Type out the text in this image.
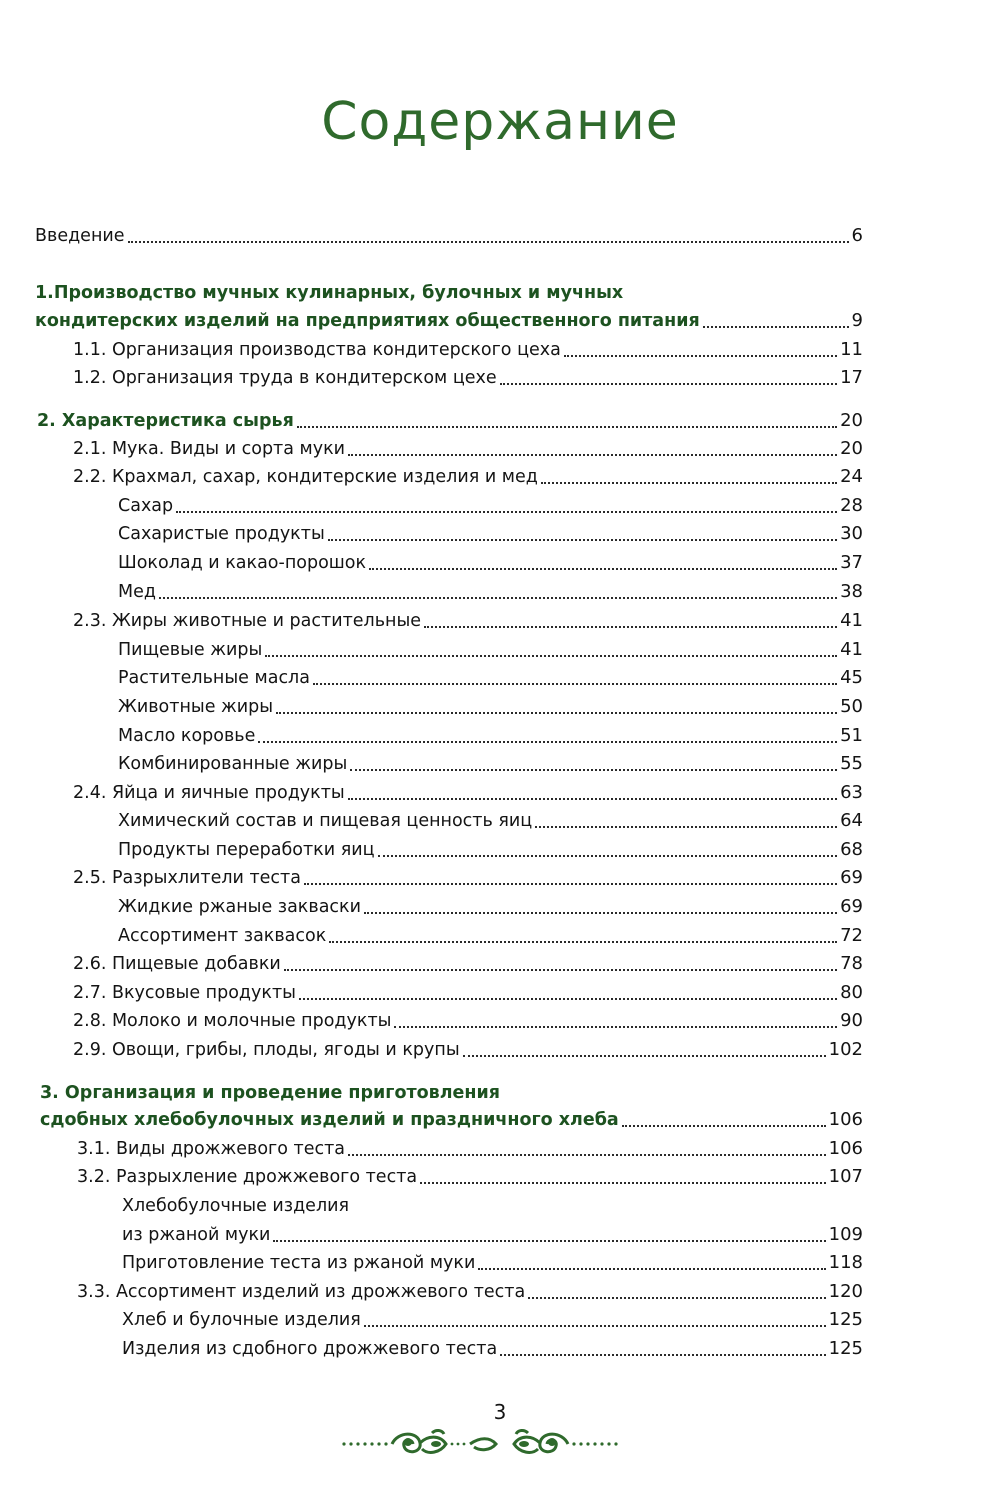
Содержание
Введение	6
1.Производство мучных кулинарных, булочных и мучных
кондитерских изделий на предприятиях общественного питания	9
1.1. Организация производства кондитерского цеха	11
1.2. Организация труда в кондитерском цехе	17
2. Характеристика сырья	20
2.1. Мука. Виды и сорта муки	20
2.2. Крахмал, сахар, кондитерские изделия и мед	24
Сахар	28
Сахаристые продукты	30
Шоколад и какао-порошок	37
Мед	38
2.3. Жиры животные и растительные	41
Пищевые жиры	41
Растительные масла	45
Животные жиры	50
Масло коровье	51
Комбинированные жиры	55
2.4. Яйца и яичные продукты	63
Химический состав и пищевая ценность яиц	64
Продукты переработки яиц	68
2.5. Разрыхлители теста	69
Жидкие ржаные закваски	69
Ассортимент заквасок	72
2.6. Пищевые добавки	78
2.7. Вкусовые продукты	80
2.8. Молоко и молочные продукты	90
2.9. Овощи, грибы, плоды, ягоды и крупы	102
3. Организация и проведение приготовления
сдобных хлебобулочных изделий и праздничного хлеба	106
3.1. Виды дрожжевого теста	106
3.2. Разрыхление дрожжевого теста	107
Хлебобулочные изделия
из ржаной муки	109
Приготовление теста из ржаной муки	118
3.3. Ассортимент изделий из дрожжевого теста	120
Хлеб и булочные изделия	125
Изделия из сдобного дрожжевого теста	125
3
